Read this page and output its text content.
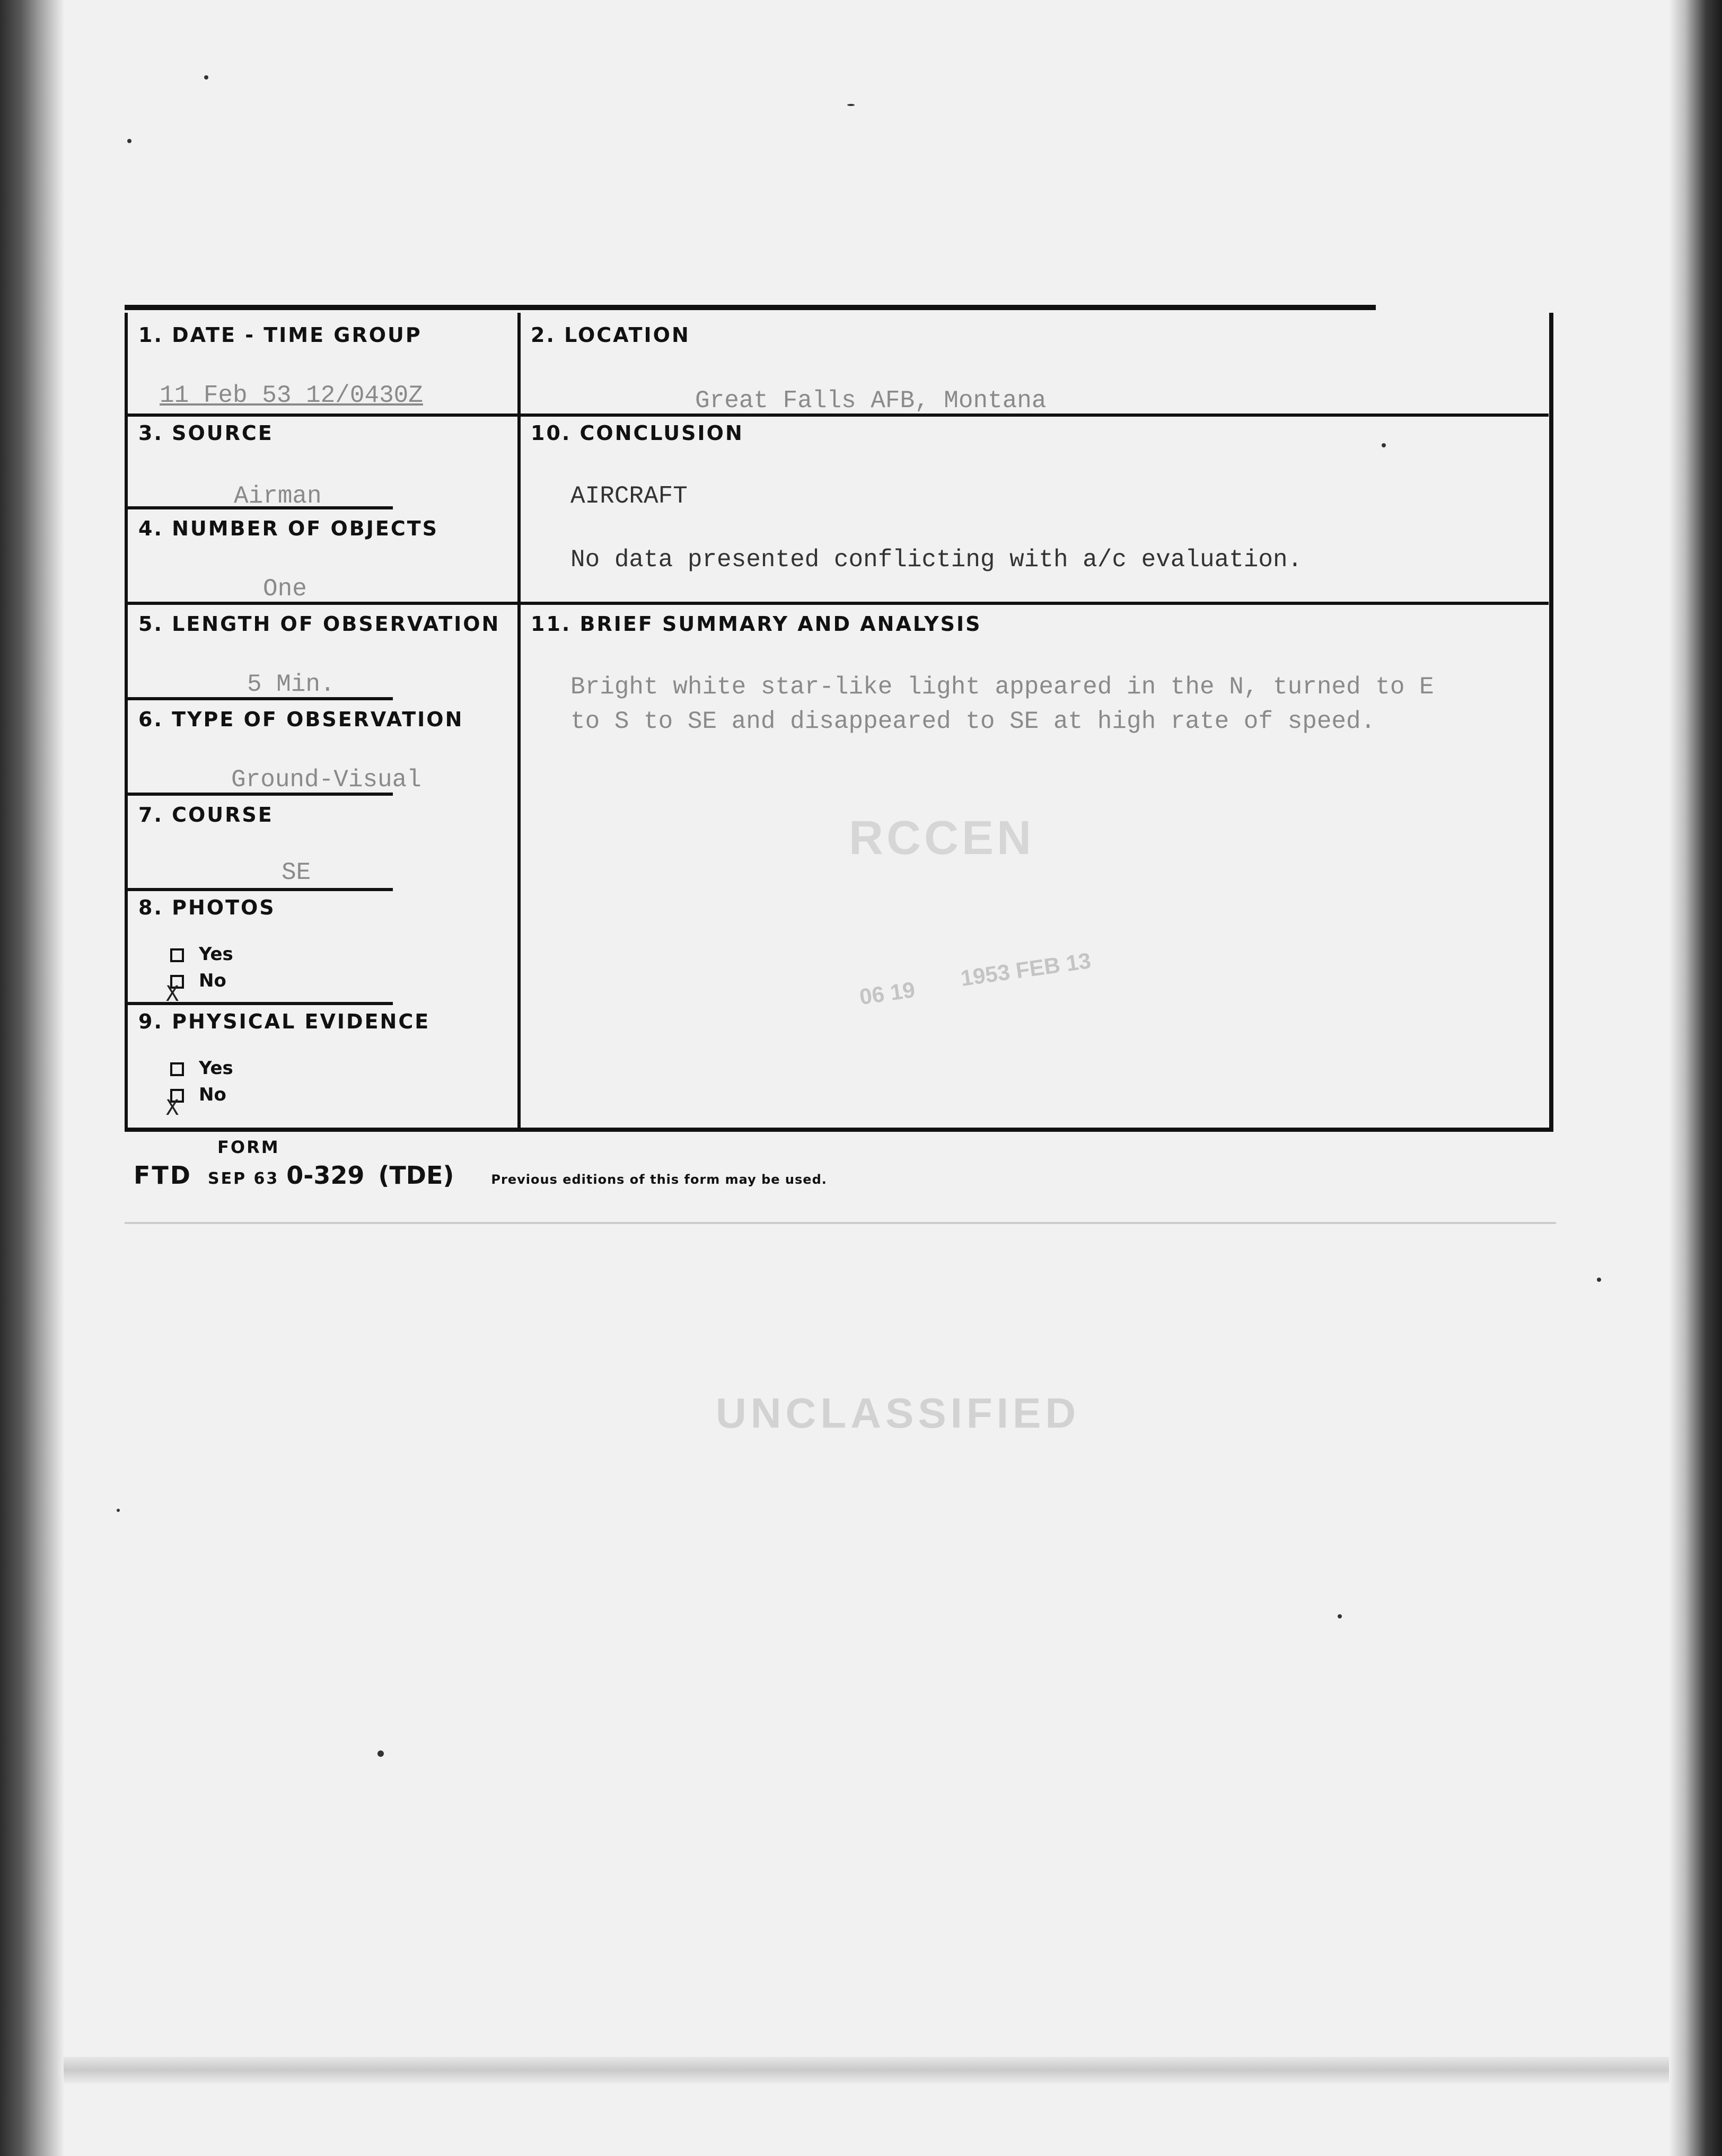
1. DATE - TIME GROUP
11 Feb 53 12/0430Z
2. LOCATION
Great Falls AFB, Montana
3. SOURCE
Airman
4. NUMBER OF OBJECTS
One
5. LENGTH OF OBSERVATION
5 Min.
6. TYPE OF OBSERVATION
Ground-Visual
7. COURSE
SE
8. PHOTOS
Yes
No
X
9. PHYSICAL EVIDENCE
Yes
No
X
10. CONCLUSION
AIRCRAFT
No data presented conflicting with a/c evaluation.
11. BRIEF SUMMARY AND ANALYSIS
Bright white star-like light appeared in the N, turned to E
to S to SE and disappeared to SE at high rate of speed.
RCCEN
06 19
1953 FEB 13
FORM
FTD SEP 63 0-329 (TDE)	Previous editions of this form may be used.
UNCLASSIFIED
